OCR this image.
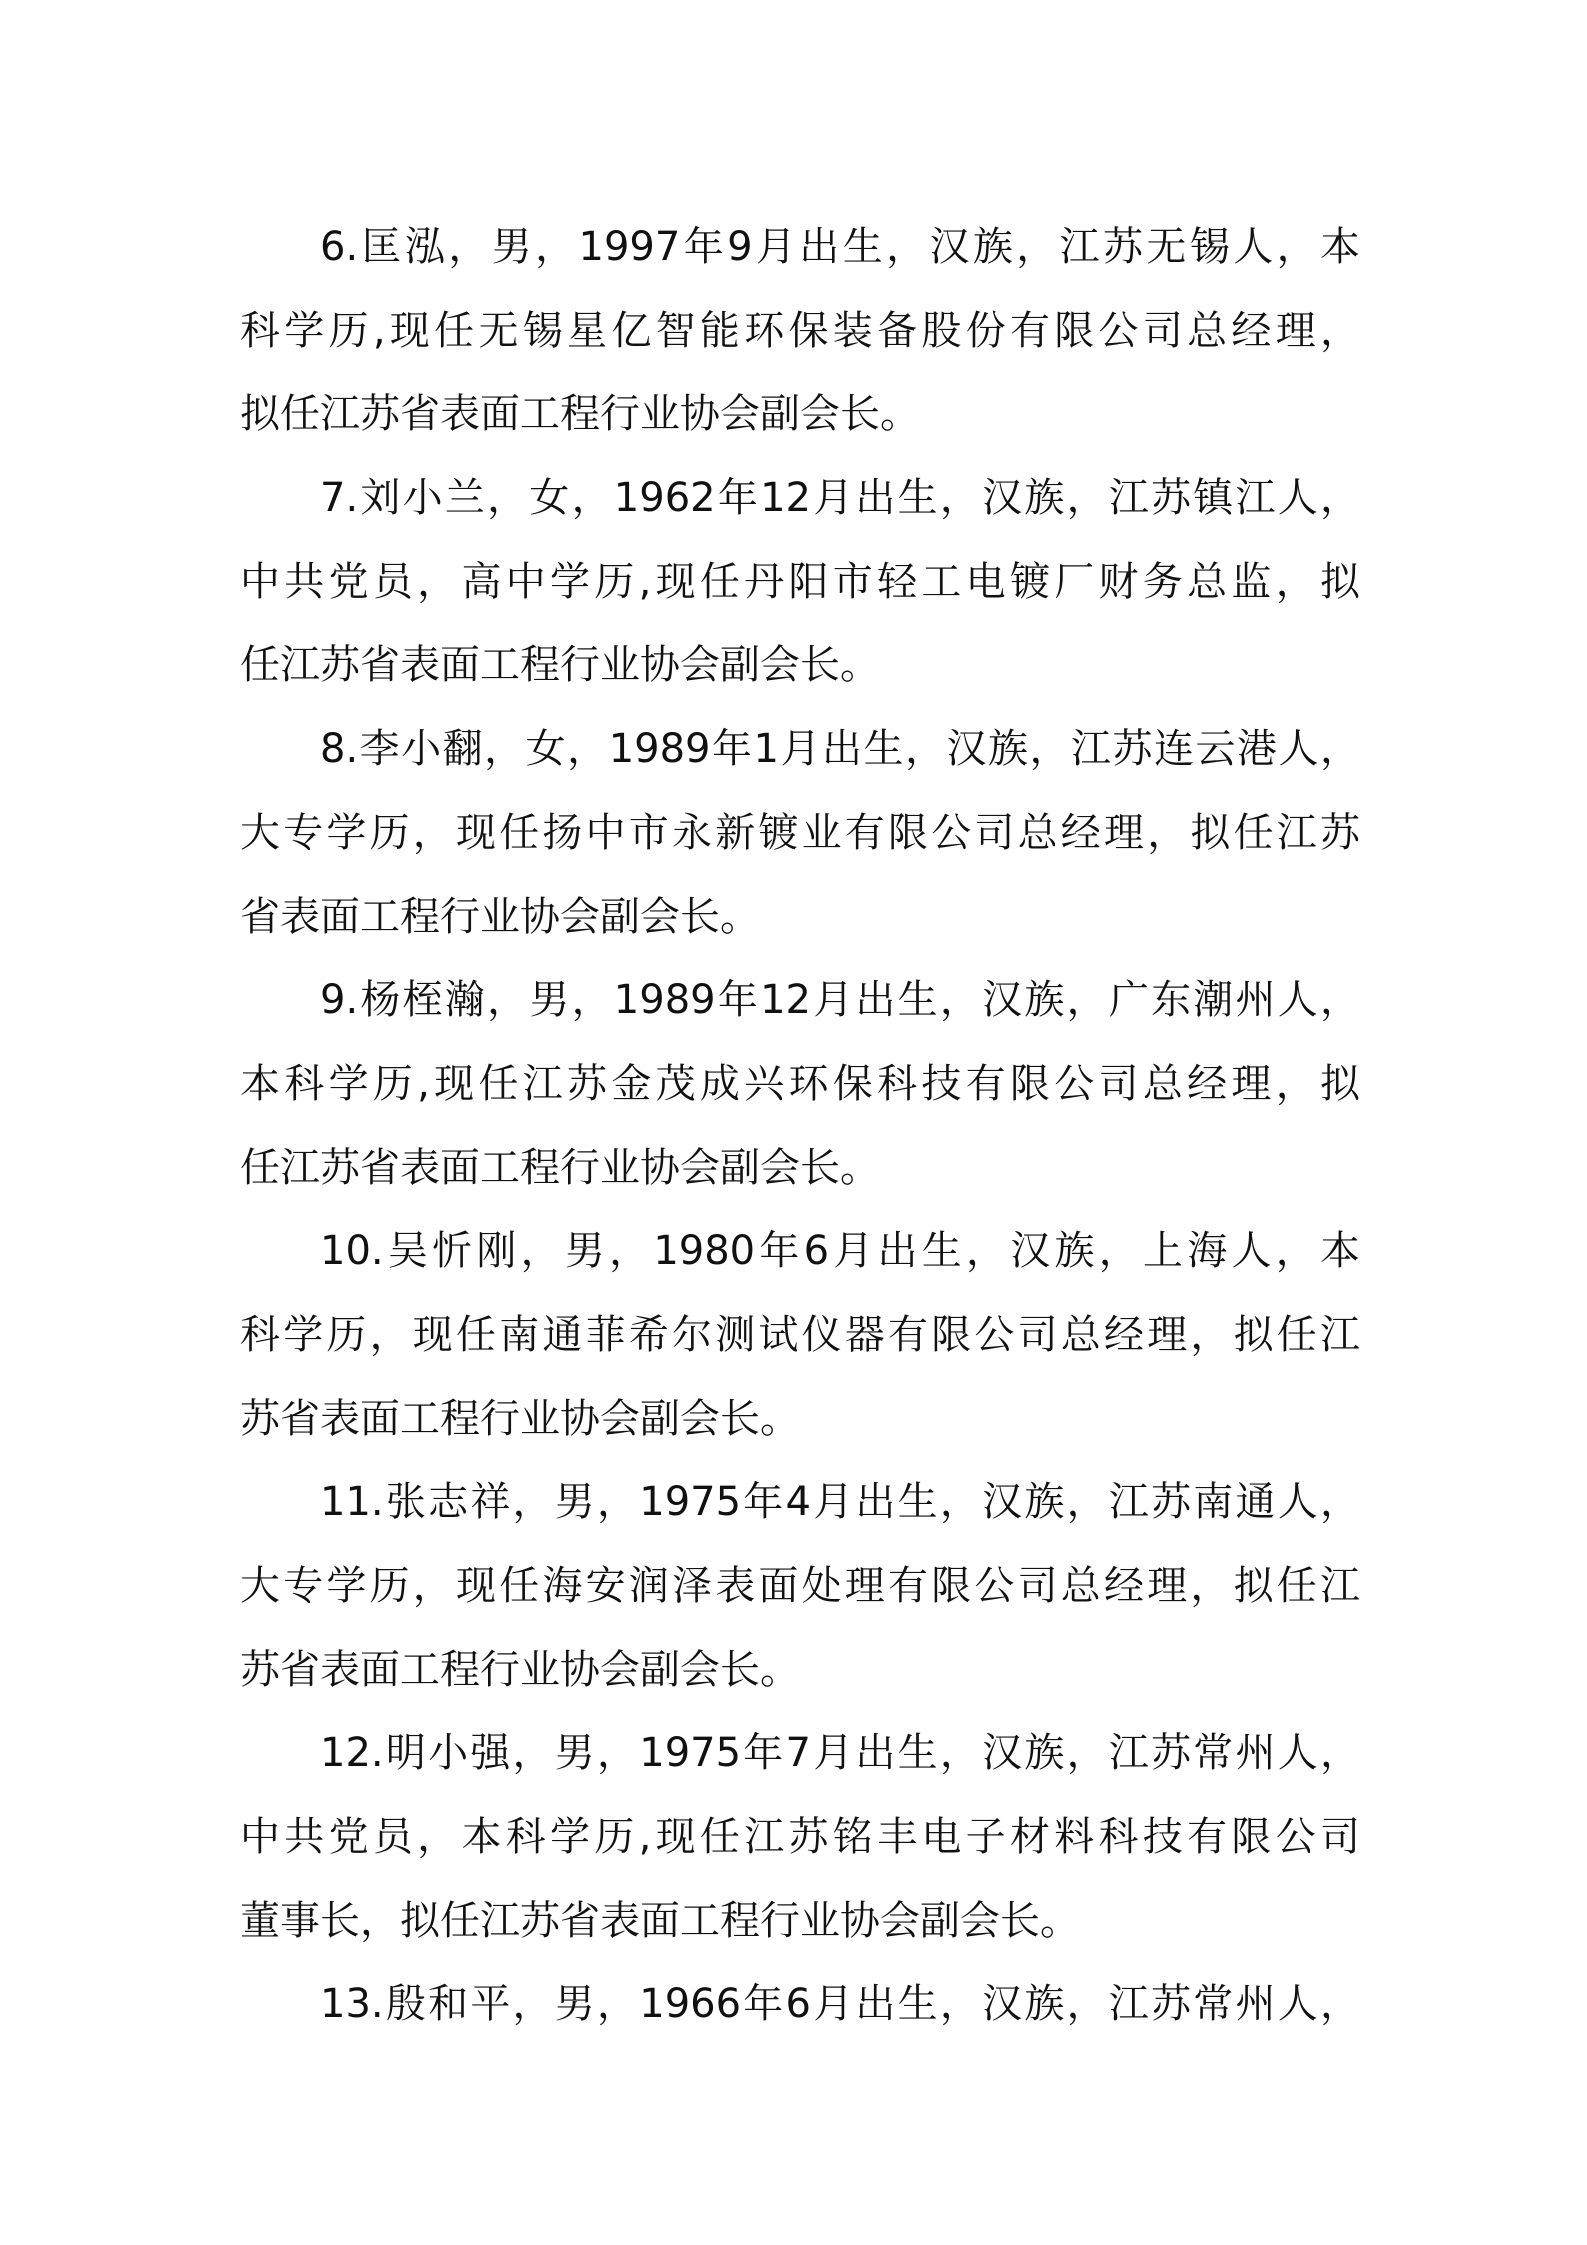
6.匡泓，男，1997年9月出生，汉族，江苏无锡人，本
科学历,现任无锡星亿智能环保装备股份有限公司总经理，
拟任江苏省表面工程行业协会副会长。
7.刘小兰，女，1962年12月出生，汉族，江苏镇江人，
中共党员，高中学历,现任丹阳市轻工电镀厂财务总监，拟
任江苏省表面工程行业协会副会长。
8.李小翻，女，1989年1月出生，汉族，江苏连云港人，
大专学历，现任扬中市永新镀业有限公司总经理，拟任江苏
省表面工程行业协会副会长。
9.杨桎瀚，男，1989年12月出生，汉族，广东潮州人，
本科学历,现任江苏金茂成兴环保科技有限公司总经理，拟
任江苏省表面工程行业协会副会长。
10.吴忻刚，男，1980年6月出生，汉族，上海人，本
科学历，现任南通菲希尔测试仪器有限公司总经理，拟任江
苏省表面工程行业协会副会长。
11.张志祥，男，1975年4月出生，汉族，江苏南通人，
大专学历，现任海安润泽表面处理有限公司总经理，拟任江
苏省表面工程行业协会副会长。
12.明小强，男，1975年7月出生，汉族，江苏常州人，
中共党员，本科学历,现任江苏铭丰电子材料科技有限公司
董事长，拟任江苏省表面工程行业协会副会长。
13.殷和平，男，1966年6月出生，汉族，江苏常州人，
